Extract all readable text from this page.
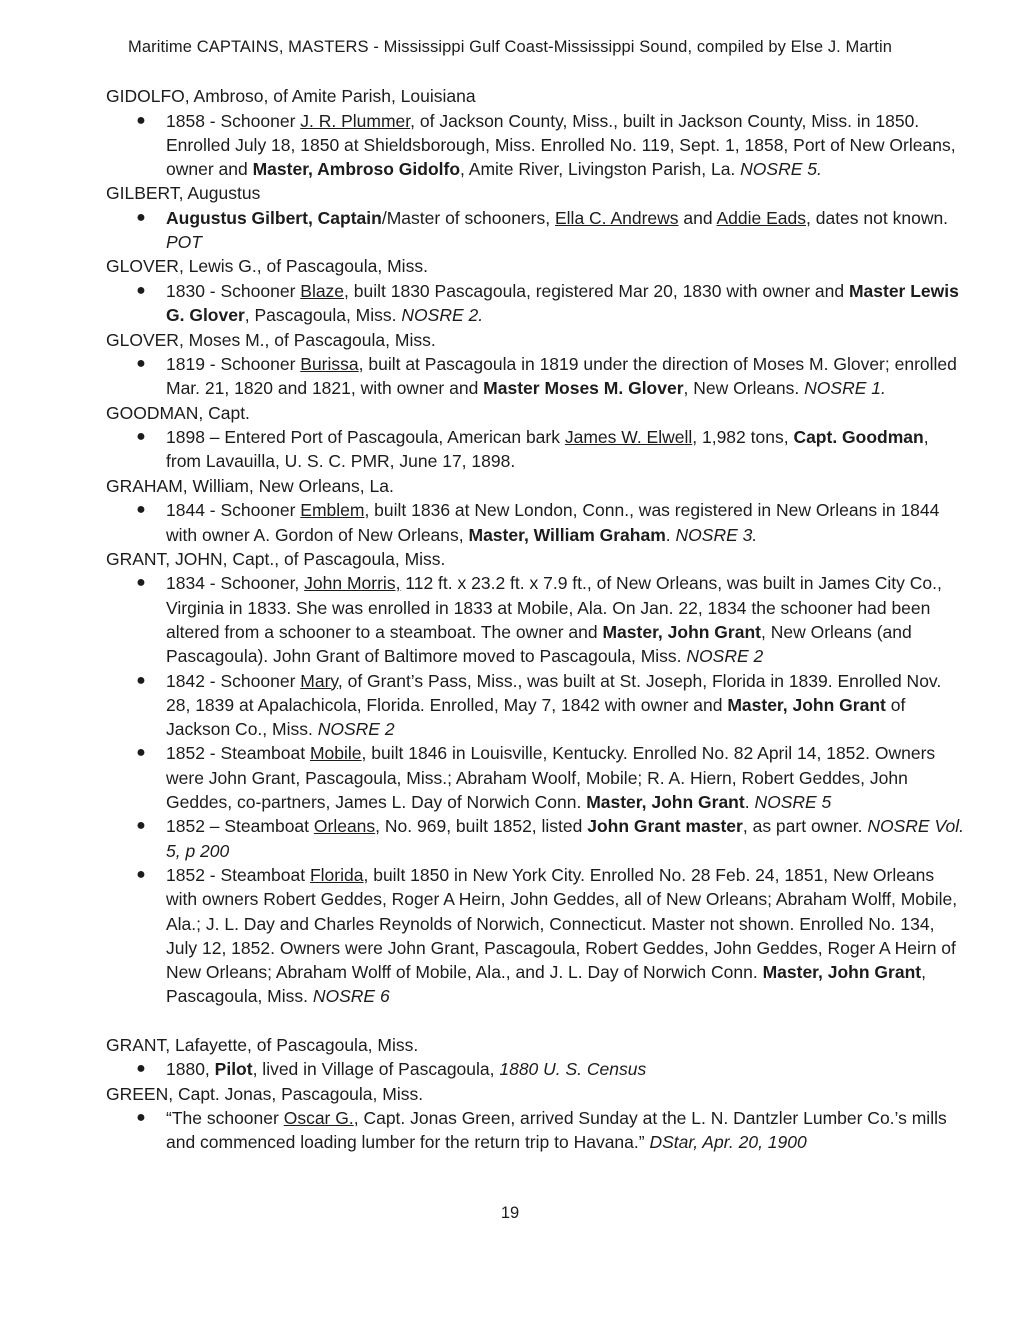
Maritime CAPTAINS, MASTERS - Mississippi Gulf Coast-Mississippi Sound, compiled by Else J. Martin
GIDOLFO, Ambroso, of Amite Parish, Louisiana
● 1858 - Schooner J. R. Plummer, of Jackson County, Miss., built in Jackson County, Miss. in 1850. Enrolled July 18, 1850 at Shieldsborough, Miss. Enrolled No. 119, Sept. 1, 1858, Port of New Orleans, owner and Master, Ambroso Gidolfo, Amite River, Livingston Parish, La. NOSRE 5.
GILBERT, Augustus
● Augustus Gilbert, Captain/Master of schooners, Ella C. Andrews and Addie Eads, dates not known. POT
GLOVER, Lewis G., of Pascagoula, Miss.
● 1830 - Schooner Blaze, built 1830 Pascagoula, registered Mar 20, 1830 with owner and Master Lewis G. Glover, Pascagoula, Miss. NOSRE 2.
GLOVER, Moses M., of Pascagoula, Miss.
● 1819 - Schooner Burissa, built at Pascagoula in 1819 under the direction of Moses M. Glover; enrolled Mar. 21, 1820 and 1821, with owner and Master Moses M. Glover, New Orleans. NOSRE 1.
GOODMAN, Capt.
● 1898 – Entered Port of Pascagoula, American bark James W. Elwell, 1,982 tons, Capt. Goodman, from Lavauilla, U. S. C. PMR, June 17, 1898.
GRAHAM, William, New Orleans, La.
● 1844 - Schooner Emblem, built 1836 at New London, Conn., was registered in New Orleans in 1844 with owner A. Gordon of New Orleans, Master, William Graham. NOSRE 3.
GRANT, JOHN, Capt., of Pascagoula, Miss.
● 1834 - Schooner, John Morris, 112 ft. x 23.2 ft. x 7.9 ft., of New Orleans, was built in James City Co., Virginia in 1833. She was enrolled in 1833 at Mobile, Ala. On Jan. 22, 1834 the schooner had been altered from a schooner to a steamboat. The owner and Master, John Grant, New Orleans (and Pascagoula). John Grant of Baltimore moved to Pascagoula, Miss. NOSRE 2
● 1842 - Schooner Mary, of Grant’s Pass, Miss., was built at St. Joseph, Florida in 1839. Enrolled Nov. 28, 1839 at Apalachicola, Florida. Enrolled, May 7, 1842 with owner and Master, John Grant of Jackson Co., Miss. NOSRE 2
● 1852 - Steamboat Mobile, built 1846 in Louisville, Kentucky. Enrolled No. 82 April 14, 1852. Owners were John Grant, Pascagoula, Miss.; Abraham Woolf, Mobile; R. A. Hiern, Robert Geddes, John Geddes, co-partners, James L. Day of Norwich Conn. Master, John Grant. NOSRE 5
● 1852 – Steamboat Orleans, No. 969, built 1852, listed John Grant master, as part owner. NOSRE Vol. 5, p 200
● 1852 - Steamboat Florida, built 1850 in New York City. Enrolled No. 28 Feb. 24, 1851, New Orleans with owners Robert Geddes, Roger A Heirn, John Geddes, all of New Orleans; Abraham Wolff, Mobile, Ala.; J. L. Day and Charles Reynolds of Norwich, Connecticut. Master not shown. Enrolled No. 134, July 12, 1852. Owners were John Grant, Pascagoula, Robert Geddes, John Geddes, Roger A Heirn of New Orleans; Abraham Wolff of Mobile, Ala., and J. L. Day of Norwich Conn. Master, John Grant, Pascagoula, Miss. NOSRE 6
GRANT, Lafayette, of Pascagoula, Miss.
● 1880, Pilot, lived in Village of Pascagoula, 1880 U. S. Census
GREEN, Capt. Jonas, Pascagoula, Miss.
● “The schooner Oscar G., Capt. Jonas Green, arrived Sunday at the L. N. Dantzler Lumber Co.’s mills and commenced loading lumber for the return trip to Havana.” DStar, Apr. 20, 1900
19
